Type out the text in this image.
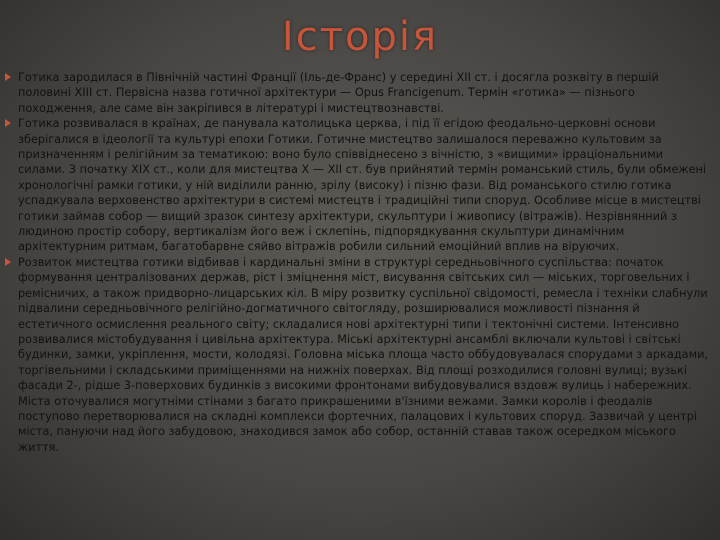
Історія

Готика зародилася в Північній частині Франції (Іль-де-Франс) у середині XII ст. і досягла розквіту в першій половині XIII ст. Первісна назва готичної архітектури — Opus Francigenum. Термін «готика» — пізнього походження, але саме він закріпився в літературі і мистецтвознавстві.

Готика розвивалася в країнах, де панувала католицька церква, і під її егідою феодально-церковні основи зберігалися в ідеології та культурі епохи Готики. Готичне мистецтво залишалося переважно культовим за призначенням і релігійним за тематикою: воно було співвіднесено з вічністю, з «вищими» ірраціональними силами. З початку XIX ст., коли для мистецтва X — XII ст. був прийнятий термін романський стиль, були обмежені хронологічні рамки готики, у ній виділили ранню, зрілу (високу) і пізню фази. Від романського стилю готика успадкувала верховенство архітектури в системі мистецтв і традиційні типи споруд. Особливе місце в мистецтві готики займав собор — вищий зразок синтезу архітектури, скульптури і живопису (вітражів). Незрівнянний з людиною простір собору, вертикалізм його веж і склепінь, підпорядкування скульптури динамічним архітектурним ритмам, багатобарвне сяйво вітражів робили сильний емоційний вплив на віруючих.

Розвиток мистецтва готики відбивав і кардинальні зміни в структурі середньовічного суспільства: початок формування централізованих держав, ріст і зміцнення міст, висування світських сил — міських, торговельних і ремісничих, а також придворно-лицарських кіл. В міру розвитку суспільної свідомості, ремесла і техніки слабнули підвалини середньовічного релігійно-догматичного світогляду, розширювалися можливості пізнання й естетичного осмислення реального світу; складалися нові архітектурні типи і тектонічні системи. Інтенсивно розвивалися містобудування і цивільна архітектура. Міські архітектурні ансамблі включали культові і світські будинки, замки, укріплення, мости, колодязі. Головна міська площа часто оббудовувалася спорудами з аркадами, торгівельними і складськими приміщеннями на нижніх поверхах. Від площі розходилися головні вулиці; вузькі фасади 2-, рідше 3-поверхових будинків з високими фронтонами вибудовувалися вздовж вулиць і набережних. Міста оточувалися могутніми стінами з багато прикрашеними в'їзними вежами. Замки королів і феодалів поступово перетворювалися на складні комплекси фортечних, палацових і культових споруд. Зазвичай у центрі міста, пануючи над його забудовою, знаходився замок або собор, останній ставав також осередком міського життя.
